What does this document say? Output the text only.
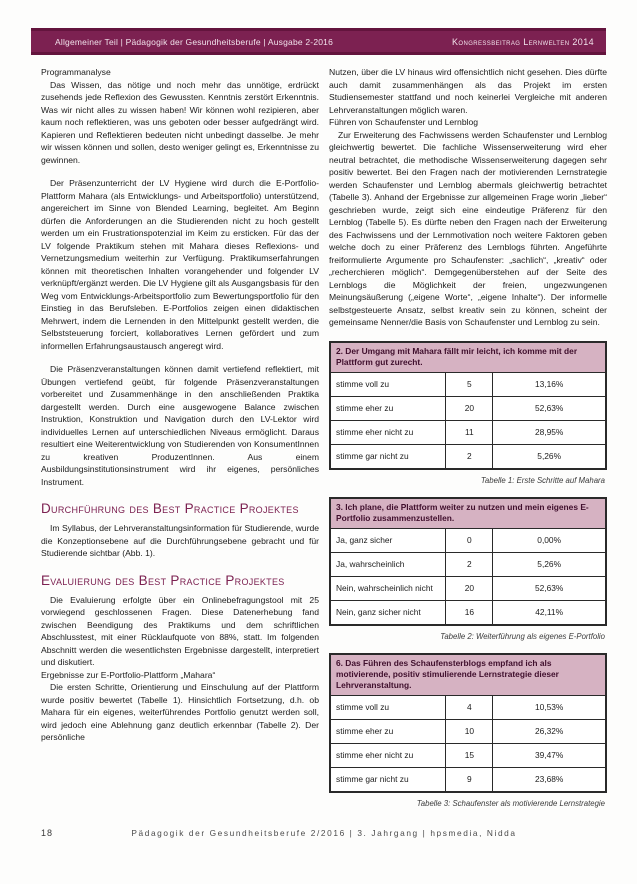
Allgemeiner Teil | Pädagogik der Gesundheitsberufe | Ausgabe 2-2016	Kongressbeitrag Lernwelten 2014

Programmanalyse

Das Wissen, das nötige und noch mehr das unnötige, erdrückt zusehends jede Reflexion des Gewussten. Kenntnis zerstört Erkenntnis. Was wir nicht alles zu wissen haben! Wir können wohl rezipieren, aber kaum noch reflektieren, was uns geboten oder besser aufgedrängt wird. Kapieren und Reflektieren bedeuten nicht unbedingt dasselbe. Je mehr wir wissen können und sollen, desto weniger gelingt es, Erkenntnisse zu gewinnen.

Der Präsenzunterricht der LV Hygiene wird durch die E-Portfolio-Plattform Mahara (als Entwicklungs- und Arbeitsportfolio) unterstützend, angereichert im Sinne von Blended Learning, begleitet. Am Beginn dürfen die Anforderungen an die Studierenden nicht zu hoch gestellt werden um ein Frustrationspotenzial im Keim zu ersticken. Für das der LV folgende Praktikum stehen mit Mahara dieses Reflexions- und Vernetzungsmedium weiterhin zur Verfügung. Praktikumserfahrungen können mit theoretischen Inhalten vorangehender und folgender LV verknüpft/ergänzt werden. Die LV Hygiene gilt als Ausgangsbasis für den Weg vom Entwicklungs-Arbeitsportfolio zum Bewertungsportfolio für den Einstieg in das Berufsleben. E-Portfolios zeigen einen didaktischen Mehrwert, indem die Lernenden in den Mittelpunkt gestellt werden, die Selbststeuerung forciert, kollaboratives Lernen gefördert und zum informellen Erfahrungsaustausch angeregt wird.

Die Präsenzveranstaltungen können damit vertiefend reflektiert, mit Übungen vertiefend geübt, für folgende Präsenzveranstaltungen vorbereitet und Zusammenhänge in den anschließenden Praktika dargestellt werden. Durch eine ausgewogene Balance zwischen Instruktion, Konstruktion und Navigation durch den LV-Lektor wird individuelles Lernen auf unterschiedlichen Niveaus ermöglicht. Daraus resultiert eine Weiterentwicklung von Studierenden von KonsumentInnen zu kreativen ProduzentInnen. Aus einem Ausbildungsinstitutionsinstrument wird ihr eigenes, persönliches Instrument.

Durchführung des Best Practice Projektes

Im Syllabus, der Lehrveranstaltungsinformation für Studierende, wurde die Konzeptionsebene auf die Durchführungsebene gebracht und für Studierende sichtbar (Abb. 1).

Evaluierung des Best Practice Projektes

Die Evaluierung erfolgte über ein Onlinebefragungstool mit 25 vorwiegend geschlossenen Fragen. Diese Datenerhebung fand zwischen Beendigung des Praktikums und dem schriftlichen Abschlusstest, mit einer Rücklaufquote von 88%, statt. Im folgenden Abschnitt werden die wesentlichsten Ergebnisse dargestellt, interpretiert und diskutiert.

Ergebnisse zur E-Portfolio-Plattform „Mahara“

Die ersten Schritte, Orientierung und Einschulung auf der Plattform wurde positiv bewertet (Tabelle 1). Hinsichtlich Fortsetzung, d.h. ob Mahara für ein eigenes, weiterführendes Portfolio genutzt werden soll, wird jedoch eine Ablehnung ganz deutlich erkennbar (Tabelle 2). Der persönliche

Nutzen, über die LV hinaus wird offensichtlich nicht gesehen. Dies dürfte auch damit zusammenhängen als das Projekt im ersten Studiensemester stattfand und noch keinerlei Vergleiche mit anderen Lehrveranstaltungen möglich waren.

Führen von Schaufenster und Lernblog

Zur Erweiterung des Fachwissens werden Schaufenster und Lernblog gleichwertig bewertet. Die fachliche Wissenserweiterung wird eher neutral betrachtet, die methodische Wissenserweiterung dagegen sehr positiv bewertet. Bei den Fragen nach der motivierenden Lernstrategie werden Schaufenster und Lernblog abermals gleichwertig betrachtet (Tabelle 3). Anhand der Ergebnisse zur allgemeinen Frage worin „lieber“ geschrieben wurde, zeigt sich eine eindeutige Präferenz für den Lernblog (Tabelle 5). Es dürfte neben den Fragen nach der Erweiterung des Fachwissens und der Lernmotivation noch weitere Faktoren geben welche doch zu einer Präferenz des Lernblogs führten. Angeführte freiformulierte Argumente pro Schaufenster: „sachlich“, „kreativ“ oder „recherchieren möglich“. Demgegenüberstehen auf der Seite des Lernblogs die Möglichkeit der freien, ungezwungenen Meinungsäußerung („eigene Worte“, „eigene Inhalte“). Der informelle selbstgesteuerte Ansatz, selbst kreativ sein zu können, scheint der gemeinsame Nenner/die Basis von Schaufenster und Lernblog zu sein.

2. Der Umgang mit Mahara fällt mir leicht, ich komme mit der Plattform gut zurecht.		
stimme voll zu	5	13,16%
stimme eher zu	20	52,63%
stimme eher nicht zu	11	28,95%
stimme gar nicht zu	2	5,26%

Tabelle 1: Erste Schritte auf Mahara

3. Ich plane, die Plattform weiter zu nutzen und mein eigenes E-Portfolio zusammenzustellen.		
Ja, ganz sicher	0	0,00%
Ja, wahrscheinlich	2	5,26%
Nein, wahrscheinlich nicht	20	52,63%
Nein, ganz sicher nicht	16	42,11%

Tabelle 2: Weiterführung als eigenes E-Portfolio

6. Das Führen des Schaufensterblogs empfand ich als motivierende, positiv stimulierende Lernstrategie dieser Lehrveranstaltung.		
stimme voll zu	4	10,53%
stimme eher zu	10	26,32%
stimme eher nicht zu	15	39,47%
stimme gar nicht zu	9	23,68%

Tabelle 3: Schaufenster als motivierende Lernstrategie

18	Pädagogik der Gesundheitsberufe 2/2016 | 3. Jahrgang | hpsmedia, Nidda
